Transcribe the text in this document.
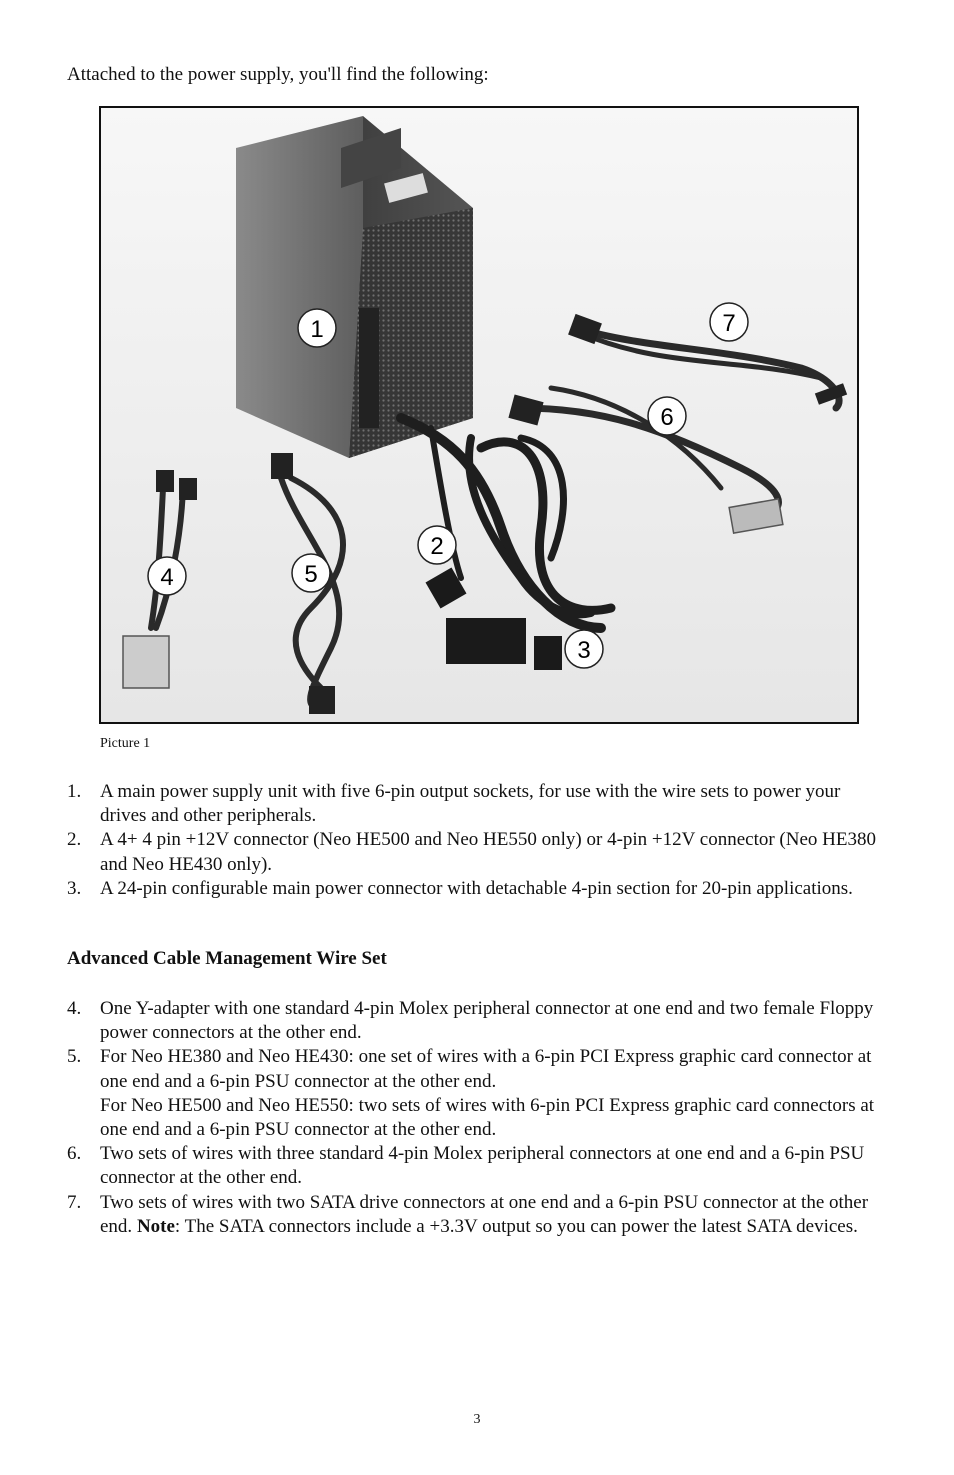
Attached to the power supply, you'll find the following:
1
2
3
4	5
6
7
Picture 1
1. A main power supply unit with five 6-pin output sockets, for use with the wire sets to power your drives and other peripherals.
2. A 4+ 4 pin +12V connector (Neo HE500 and Neo HE550 only) or 4-pin +12V connector (Neo HE380 and Neo HE430 only).
3. A 24-pin configurable main power connector with detachable 4-pin section for 20-pin applications.
Advanced Cable Management Wire Set
4. One Y-adapter with one standard 4-pin Molex peripheral connector at one end and two female Floppy power connectors at the other end.
5. For Neo HE380 and Neo HE430: one set of wires with a 6-pin PCI Express graphic card connector at one end and a 6-pin PSU connector at the other end.
For Neo HE500 and Neo HE550: two sets of wires with 6-pin PCI Express graphic card connectors at one end and a 6-pin PSU connector at the other end.
6. Two sets of wires with three standard 4-pin Molex peripheral connectors at one end and a 6-pin PSU connector at the other end.
7. Two sets of wires with two SATA drive connectors at one end and a 6-pin PSU connector at the other end. Note: The SATA connectors include a +3.3V output so you can power the latest SATA devices.
3
